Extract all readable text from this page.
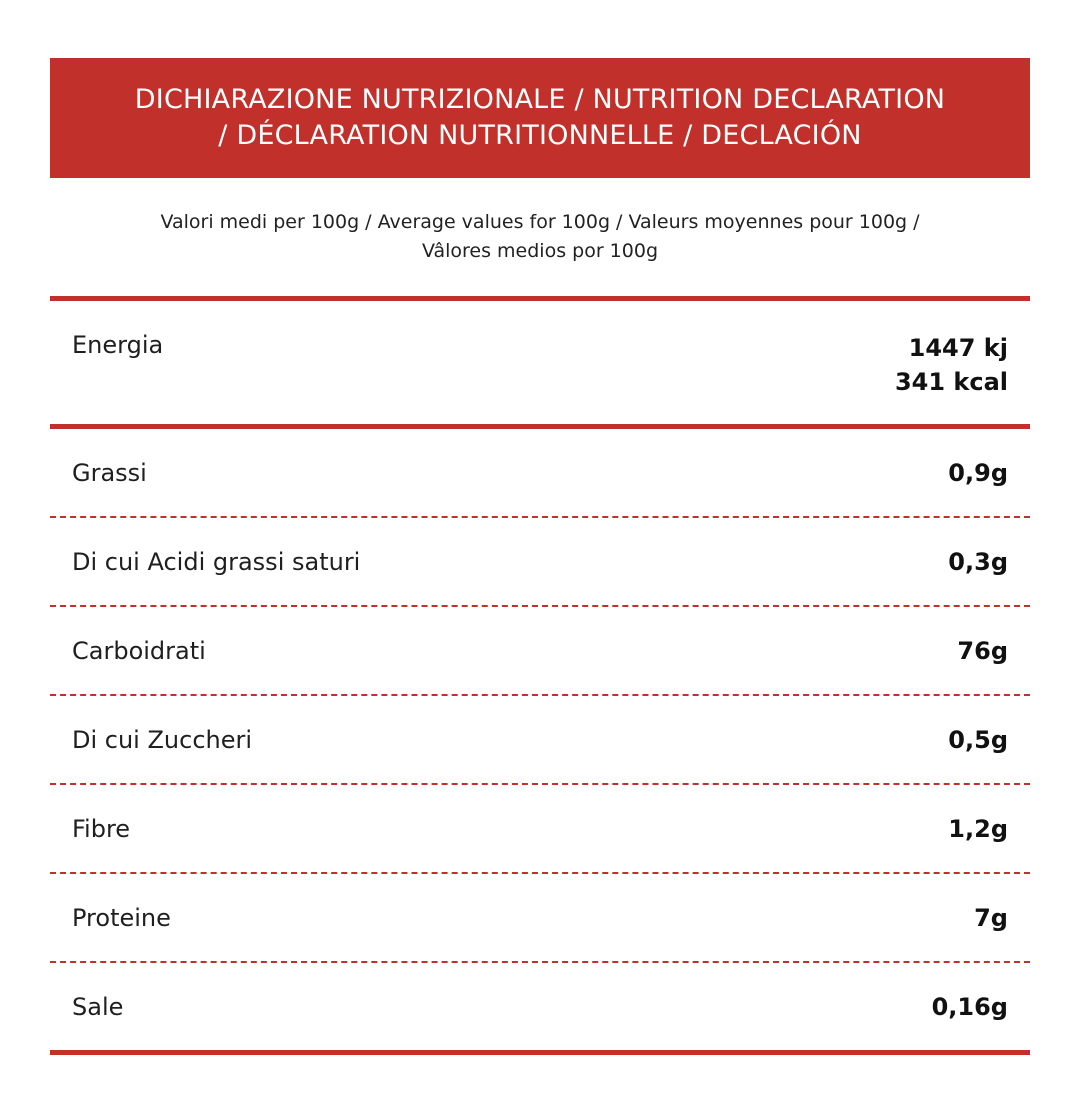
DICHIARAZIONE NUTRIZIONALE / NUTRITION DECLARATION
/ DÉCLARATION NUTRITIONNELLE / DECLACIÓN
Valori medi per 100g / Average values for 100g / Valeurs moyennes pour 100g /
Vâlores medios por 100g
Energia	1447 kj
341 kcal
Grassi	0,9g
Di cui Acidi grassi saturi	0,3g
Carboidrati	76g
Di cui Zuccheri	0,5g
Fibre	1,2g
Proteine	7g
Sale	0,16g
